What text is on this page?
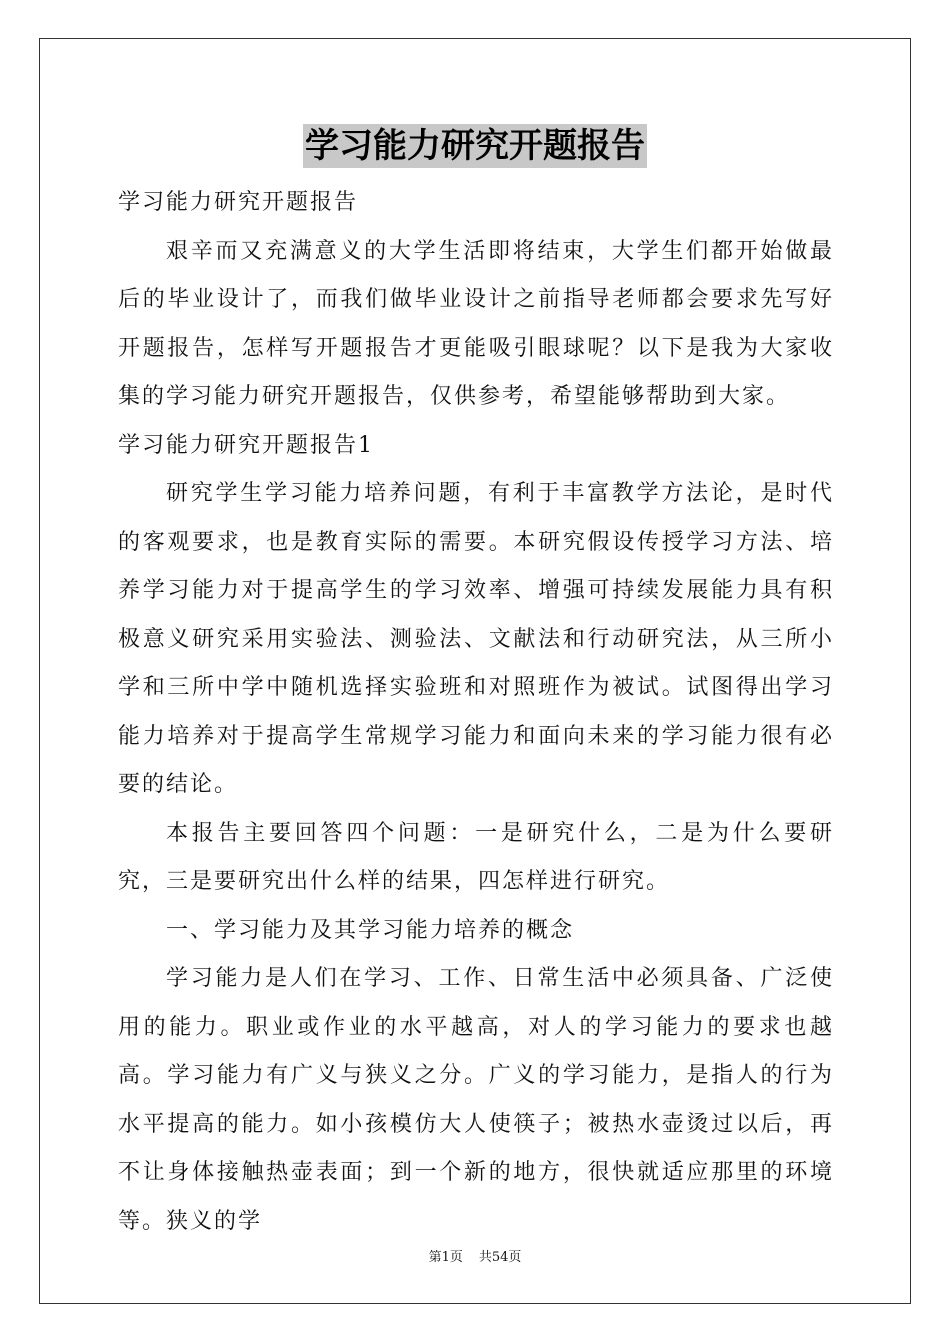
学习能力研究开题报告

学习能力研究开题报告

艰辛而又充满意义的大学生活即将结束，大学生们都开始做最后的毕业设计了，而我们做毕业设计之前指导老师都会要求先写好开题报告，怎样写开题报告才更能吸引眼球呢？以下是我为大家收集的学习能力研究开题报告，仅供参考，希望能够帮助到大家。

学习能力研究开题报告1

研究学生学习能力培养问题，有利于丰富教学方法论，是时代的客观要求，也是教育实际的需要。本研究假设传授学习方法、培养学习能力对于提高学生的学习效率、增强可持续发展能力具有积极意义研究采用实验法、测验法、文献法和行动研究法，从三所小学和三所中学中随机选择实验班和对照班作为被试。试图得出学习能力培养对于提高学生常规学习能力和面向未来的学习能力很有必要的结论。

本报告主要回答四个问题：一是研究什么，二是为什么要研究，三是要研究出什么样的结果，四怎样进行研究。

一、学习能力及其学习能力培养的概念

学习能力是人们在学习、工作、日常生活中必须具备、广泛使用的能力。职业或作业的水平越高，对人的学习能力的要求也越高。学习能力有广义与狭义之分。广义的学习能力，是指人的行为水平提高的能力。如小孩模仿大人使筷子；被热水壶烫过以后，再不让身体接触热壶表面；到一个新的地方，很快就适应那里的环境等。狭义的学

第1页 共54页
